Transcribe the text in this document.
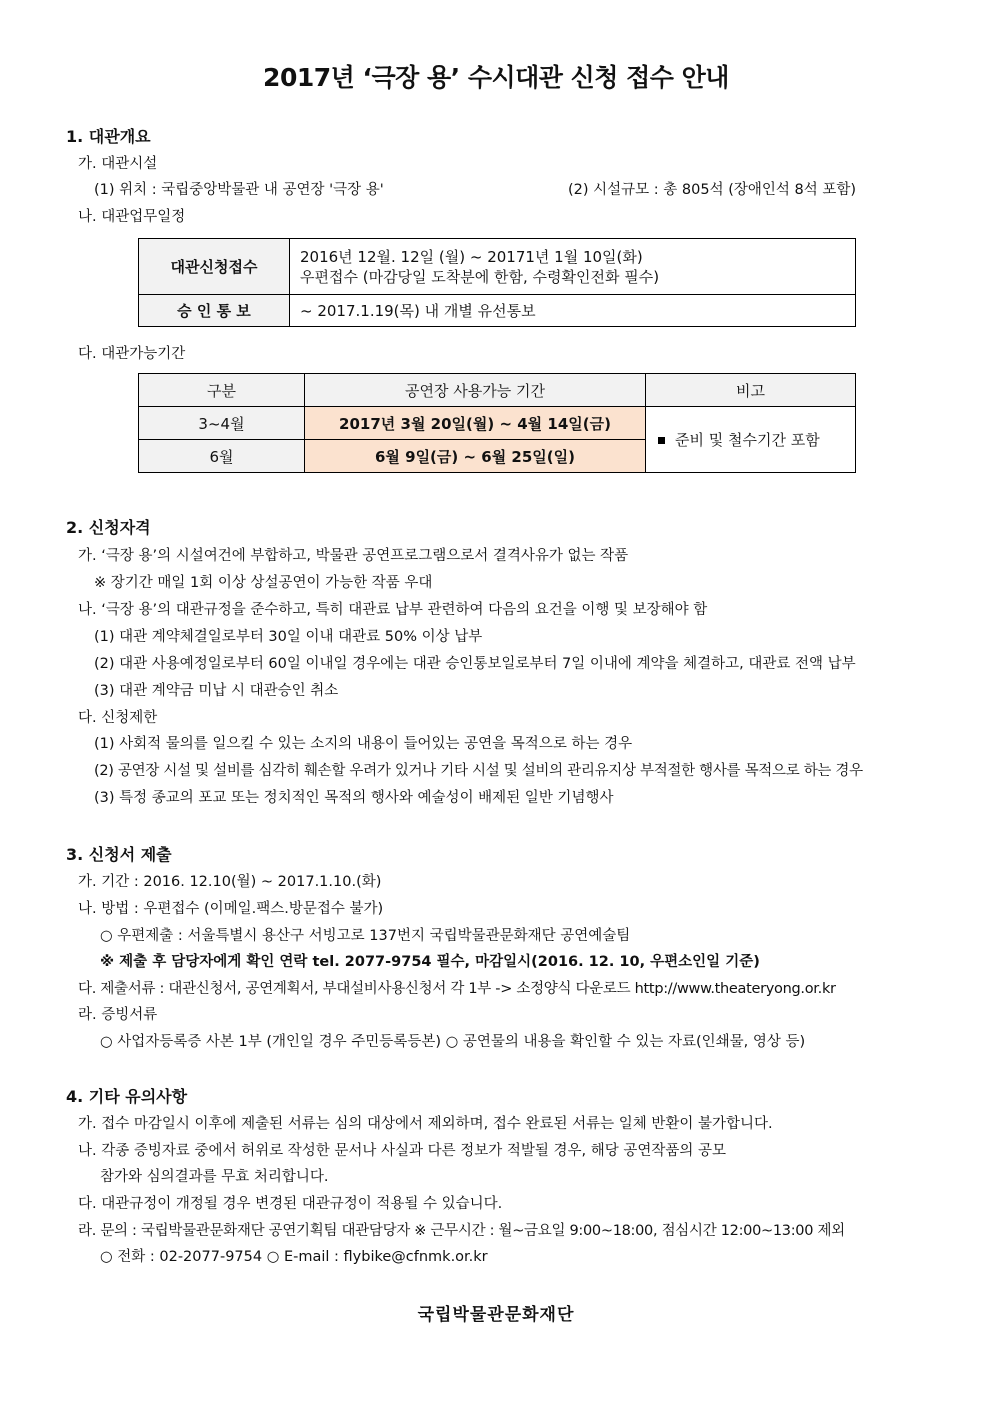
2017년 ‘극장 용’ 수시대관 신청 접수 안내
1. 대관개요
가. 대관시설
(1) 위치 : 국립중앙박물관 내 공연장 '극장 용'	(2) 시설규모 : 총 805석 (장애인석 8석 포함)
나. 대관업무일정
대관신청접수	2016년 12월. 12일 (월) ~ 20171년 1월 10일(화)
우편접수 (마감당일 도착분에 한함, 수령확인전화 필수)

승 인 통 보	~ 2017.1.19(목) 내 개별 유선통보
다. 대관가능기간
구분	공연장 사용가능 기간	비고
3~4월	2017년 3월 20일(월) ~ 4월 14일(금)	준비 및 철수기간 포함
6월	6월 9일(금) ~ 6월 25일(일)	
2. 신청자격
가. ‘극장 용’의 시설여건에 부합하고, 박물관 공연프로그램으로서 결격사유가 없는 작품
※ 장기간 매일 1회 이상 상설공연이 가능한 작품 우대
나. ‘극장 용’의 대관규정을 준수하고, 특히 대관료 납부 관련하여 다음의 요건을 이행 및 보장해야 함
(1) 대관 계약체결일로부터 30일 이내 대관료 50% 이상 납부
(2) 대관 사용예정일로부터 60일 이내일 경우에는 대관 승인통보일로부터 7일 이내에 계약을 체결하고, 대관료 전액 납부
(3) 대관 계약금 미납 시 대관승인 취소
다. 신청제한
(1) 사회적 물의를 일으킬 수 있는 소지의 내용이 들어있는 공연을 목적으로 하는 경우
(2) 공연장 시설 및 설비를 심각히 훼손할 우려가 있거나 기타 시설 및 설비의 관리유지상 부적절한 행사를 목적으로 하는 경우
(3) 특정 종교의 포교 또는 정치적인 목적의 행사와 예술성이 배제된 일반 기념행사
3. 신청서 제출
가. 기간 : 2016. 12.10(월) ~ 2017.1.10.(화)
나. 방법 : 우편접수 (이메일.팩스.방문접수 불가)
○ 우편제출 : 서울특별시 용산구 서빙고로 137번지 국립박물관문화재단 공연예술팀
※ 제출 후 담당자에게 확인 연락 tel. 2077-9754 필수, 마감일시(2016. 12. 10, 우편소인일 기준)
다. 제출서류 : 대관신청서, 공연계획서, 부대설비사용신청서 각 1부 -> 소정양식 다운로드 http://www.theateryong.or.kr
라. 증빙서류
○ 사업자등록증 사본 1부 (개인일 경우 주민등록등본) ○ 공연물의 내용을 확인할 수 있는 자료(인쇄물, 영상 등)
4. 기타 유의사항
가. 접수 마감일시 이후에 제출된 서류는 심의 대상에서 제외하며, 접수 완료된 서류는 일체 반환이 불가합니다.
나. 각종 증빙자료 중에서 허위로 작성한 문서나 사실과 다른 정보가 적발될 경우, 해당 공연작품의 공모
참가와 심의결과를 무효 처리합니다.
다. 대관규정이 개정될 경우 변경된 대관규정이 적용될 수 있습니다.
라. 문의 : 국립박물관문화재단 공연기획팀 대관담당자 ※ 근무시간 : 월~금요일 9:00~18:00, 점심시간 12:00~13:00 제외
○ 전화 : 02-2077-9754 ○ E-mail : flybike@cfnmk.or.kr
국립박물관문화재단
